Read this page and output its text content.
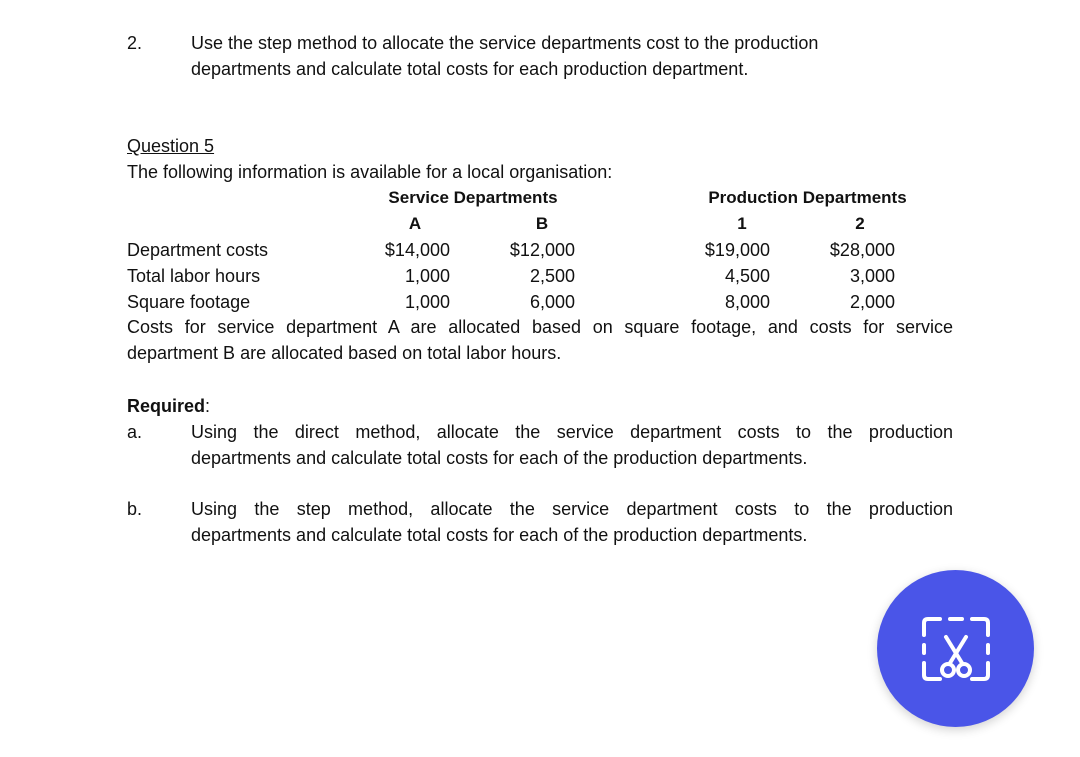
2.	Use the step method to allocate the service departments cost to the production
departments and calculate total costs for each production department.
Question 5
The following information is available for a local organisation:
Service Departments	Production Departments
A	B	1	2
Department costs	$14,000	$12,000	$19,000	$28,000
Total labor hours	1,000	2,500	4,500	3,000
Square footage	1,000	6,000	8,000	2,000
Costs for service department A are allocated based on square footage, and costs for service
department B are allocated based on total labor hours.
Required:
a.	Using the direct method, allocate the service department costs to the production
departments and calculate total costs for each of the production departments.
b.	Using the step method, allocate the service department costs to the production
departments and calculate total costs for each of the production departments.
